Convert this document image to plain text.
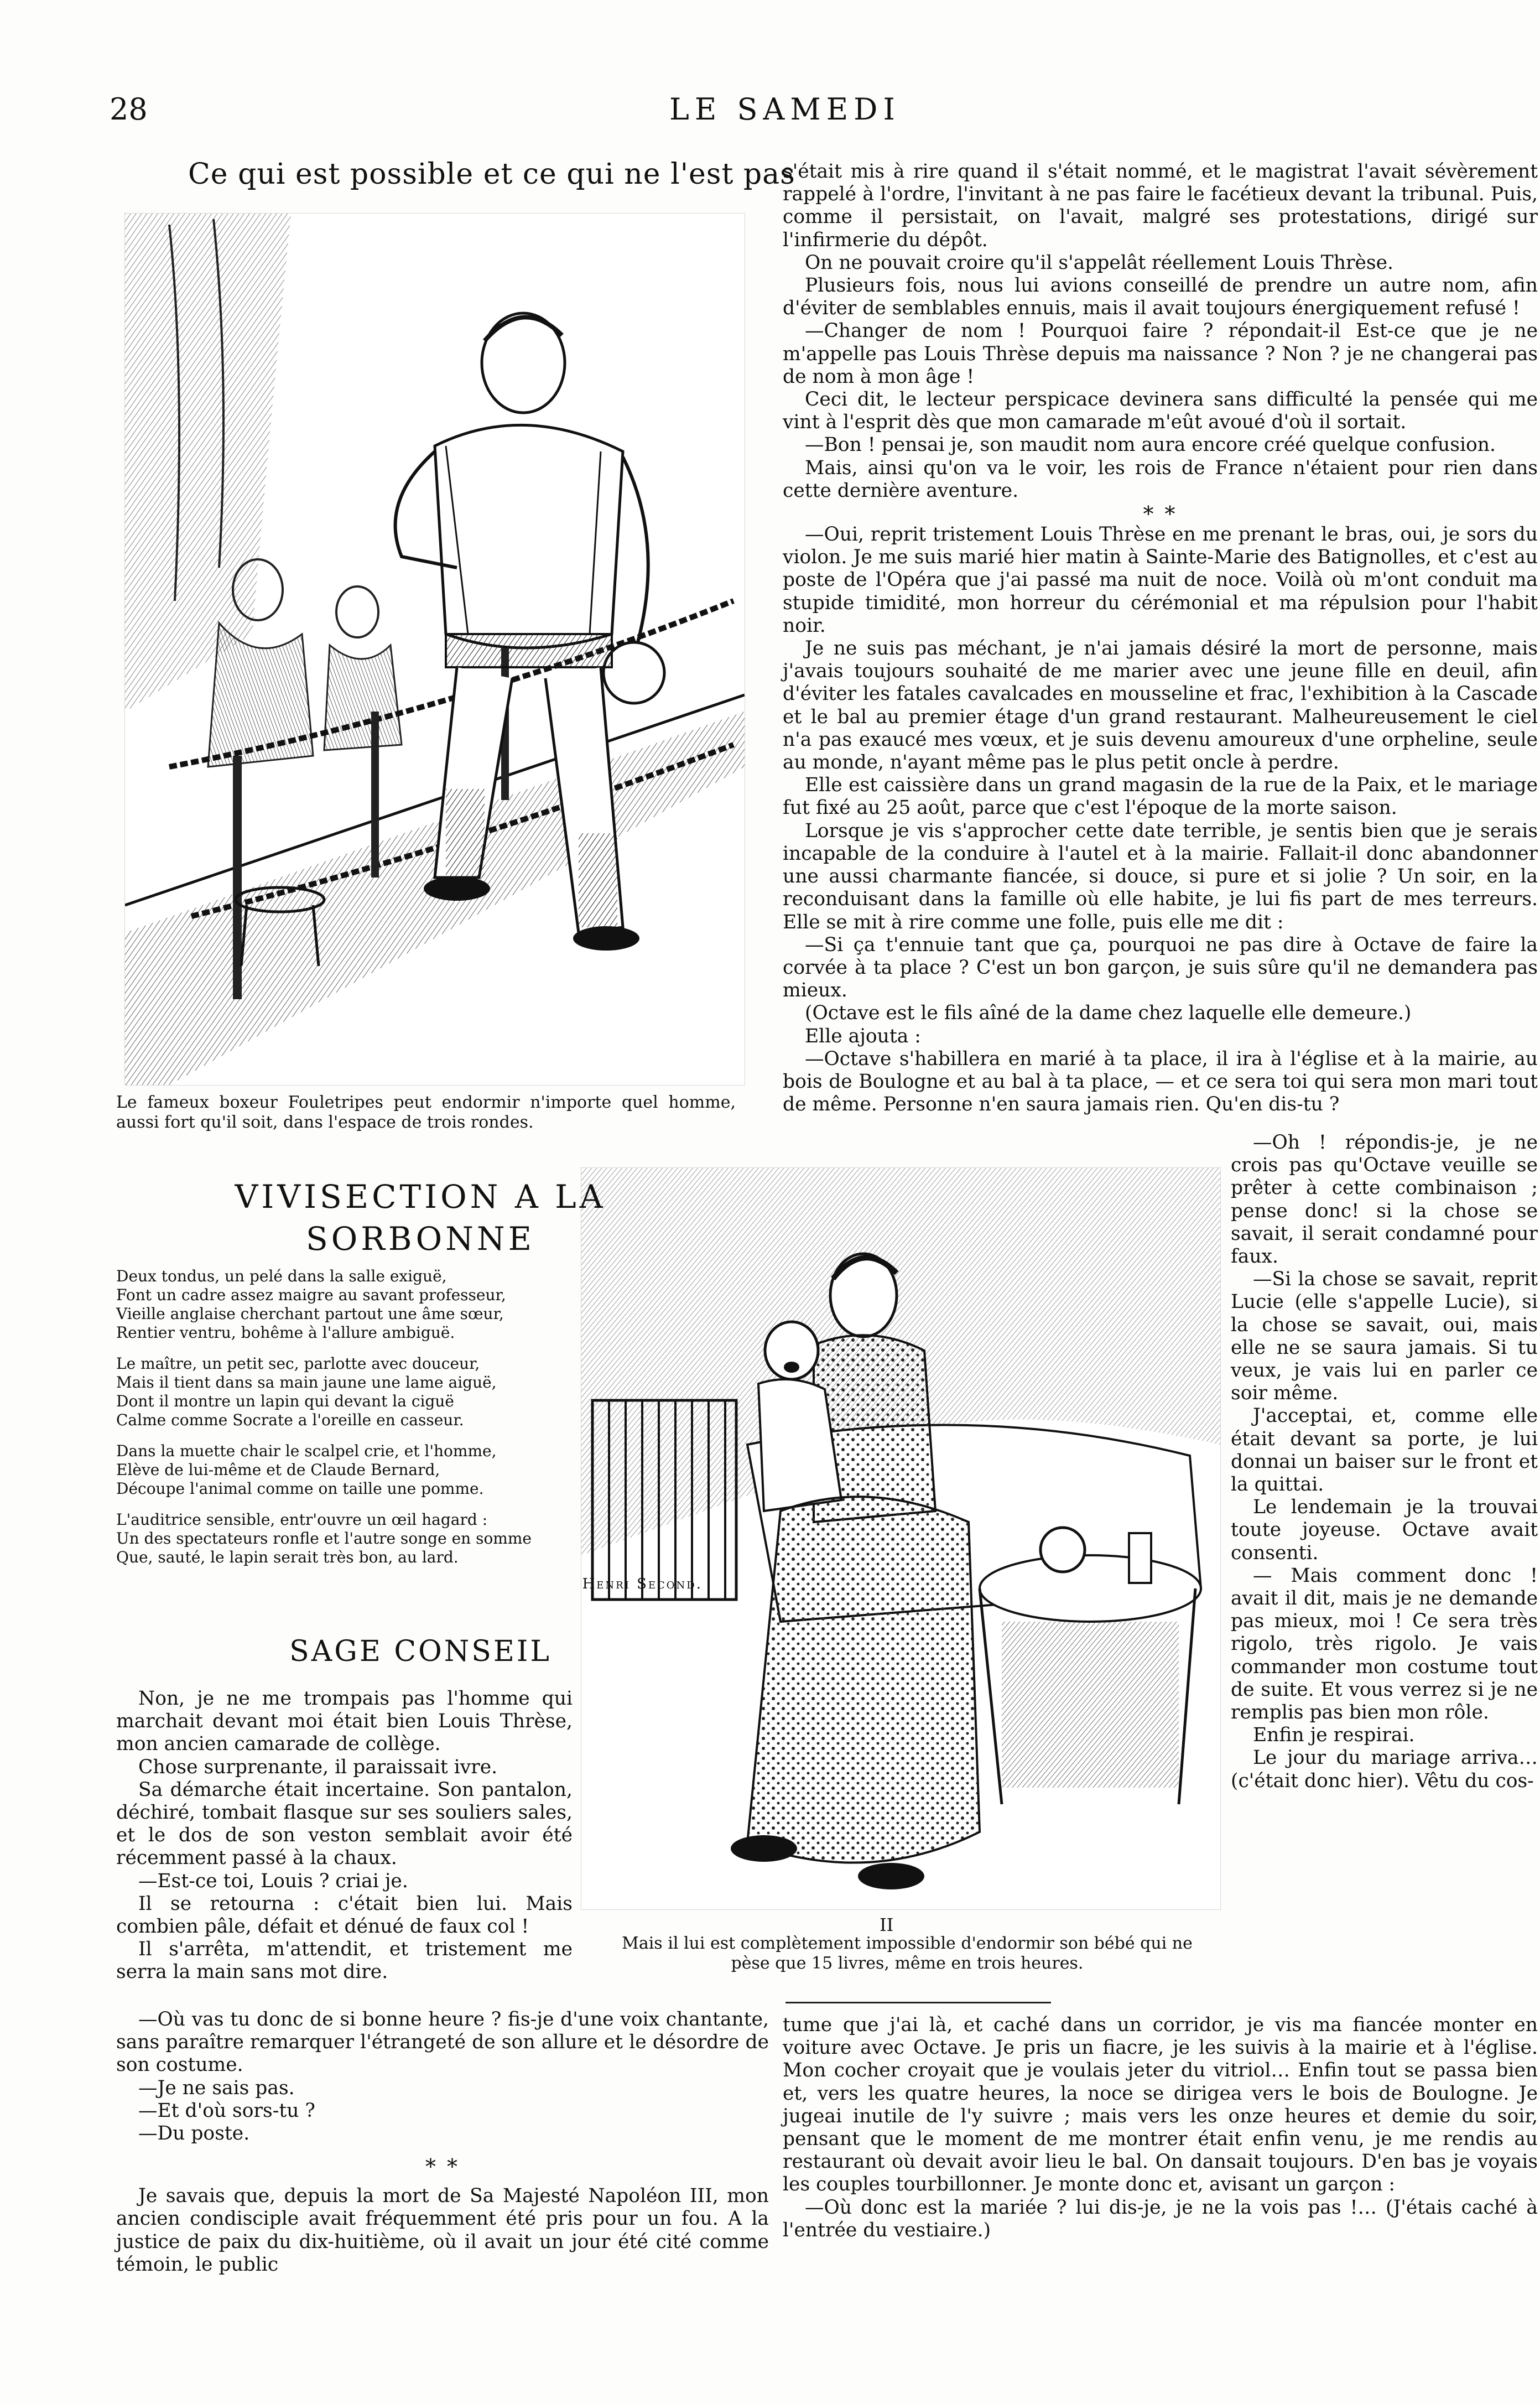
28	LE SAMEDI
Ce qui est possible et ce qui ne l'est pas
Le fameux boxeur Fouletripes peut endormir n'importe quel homme, aussi fort qu'il soit, dans l'espace de trois rondes.

s'était mis à rire quand il s'était nommé, et le magistrat l'avait sévèrement rappelé à l'ordre, l'invitant à ne pas faire le facétieux devant la tribunal. Puis, comme il persistait, on l'avait, malgré ses protestations, dirigé sur l'infirmerie du dépôt.

On ne pouvait croire qu'il s'appelât réellement Louis Thrèse.

Plusieurs fois, nous lui avions conseillé de prendre un autre nom, afin d'éviter de semblables ennuis, mais il avait toujours énergiquement refusé !

—Changer de nom ! Pourquoi faire ? répondait-il Est-ce que je ne m'appelle pas Louis Thrèse depuis ma naissance ? Non ? je ne changerai pas de nom à mon âge !

Ceci dit, le lecteur perspicace devinera sans difficulté la pensée qui me vint à l'esprit dès que mon camarade m'eût avoué d'où il sortait.

—Bon ! pensai je, son maudit nom aura encore créé quelque confusion.

Mais, ainsi qu'on va le voir, les rois de France n'étaient pour rien dans cette dernière aventure.

* *

—Oui, reprit tristement Louis Thrèse en me prenant le bras, oui, je sors du violon. Je me suis marié hier matin à Sainte-Marie des Batignolles, et c'est au poste de l'Opéra que j'ai passé ma nuit de noce. Voilà où m'ont conduit ma stupide timidité, mon horreur du cérémonial et ma répulsion pour l'habit noir.

Je ne suis pas méchant, je n'ai jamais désiré la mort de personne, mais j'avais toujours souhaité de me marier avec une jeune fille en deuil, afin d'éviter les fatales cavalcades en mousseline et frac, l'exhibition à la Cascade et le bal au premier étage d'un grand restaurant. Malheureusement le ciel n'a pas exaucé mes vœux, et je suis devenu amoureux d'une orpheline, seule au monde, n'ayant même pas le plus petit oncle à perdre.

Elle est caissière dans un grand magasin de la rue de la Paix, et le mariage fut fixé au 25 août, parce que c'est l'époque de la morte saison.

Lorsque je vis s'approcher cette date terrible, je sentis bien que je serais incapable de la conduire à l'autel et à la mairie. Fallait-il donc abandonner une aussi charmante fiancée, si douce, si pure et si jolie ? Un soir, en la reconduisant dans la famille où elle habite, je lui fis part de mes terreurs. Elle se mit à rire comme une folle, puis elle me dit :

—Si ça t'ennuie tant que ça, pourquoi ne pas dire à Octave de faire la corvée à ta place ? C'est un bon garçon, je suis sûre qu'il ne demandera pas mieux.

(Octave est le fils aîné de la dame chez laquelle elle demeure.)

Elle ajouta :

—Octave s'habillera en marié à ta place, il ira à l'église et à la mairie, au bois de Boulogne et au bal à ta place, — et ce sera toi qui sera mon mari tout de même. Personne n'en saura jamais rien. Qu'en dis-tu ?

II
Mais il lui est complètement impossible d'endormir son bébé qui ne pèse que 15 livres, même en trois heures.

—Oh ! répondis-je, je ne crois pas qu'Octave veuille se prêter à cette combinaison ; pense donc! si la chose se savait, il serait condamné pour faux.

—Si la chose se savait, reprit Lucie (elle s'appelle Lucie), si la chose se savait, oui, mais elle ne se saura jamais. Si tu veux, je vais lui en parler ce soir même.

J'acceptai, et, comme elle était devant sa porte, je lui donnai un baiser sur le front et la quittai.

Le lendemain je la trouvai toute joyeuse. Octave avait consenti.

— Mais comment donc ! avait il dit, mais je ne demande pas mieux, moi ! Ce sera très rigolo, très rigolo. Je vais commander mon costume tout de suite. Et vous verrez si je ne remplis pas bien mon rôle.

Enfin je respirai.

Le jour du mariage arriva… (c'était donc hier). Vêtu du cos-

tume que j'ai là, et caché dans un corridor, je vis ma fiancée monter en voiture avec Octave. Je pris un fiacre, je les suivis à la mairie et à l'église. Mon cocher croyait que je voulais jeter du vitriol… Enfin tout se passa bien et, vers les quatre heures, la noce se dirigea vers le bois de Boulogne. Je jugeai inutile de l'y suivre ; mais vers les onze heures et demie du soir, pensant que le moment de me montrer était enfin venu, je me rendis au restaurant où devait avoir lieu le bal. On dansait toujours. D'en bas je voyais les couples tourbillonner. Je monte donc et, avisant un garçon :

—Où donc est la mariée ? lui dis-je, je ne la vois pas !… (J'étais caché à l'entrée du vestiaire.)

VIVISECTION A LA
SORBONNE
Deux tondus, un pelé dans la salle exiguë,
Font un cadre assez maigre au savant professeur,
Vieille anglaise cherchant partout une âme sœur,
Rentier ventru, bohême à l'allure ambiguë.
Le maître, un petit sec, parlotte avec douceur,
Mais il tient dans sa main jaune une lame aiguë,
Dont il montre un lapin qui devant la ciguë
Calme comme Socrate a l'oreille en casseur.
Dans la muette chair le scalpel crie, et l'homme,
Elève de lui-même et de Claude Bernard,
Découpe l'animal comme on taille une pomme.
L'auditrice sensible, entr'ouvre un œil hagard :
Un des spectateurs ronfle et l'autre songe en somme
Que, sauté, le lapin serait très bon, au lard.
Henri Second.
SAGE CONSEIL

Non, je ne me trompais pas l'homme qui marchait devant moi était bien Louis Thrèse, mon ancien camarade de collège.

Chose surprenante, il paraissait ivre.

Sa démarche était incertaine. Son pantalon, déchiré, tombait flasque sur ses souliers sales, et le dos de son veston semblait avoir été récemment passé à la chaux.

—Est-ce toi, Louis ? criai je.

Il se retourna : c'était bien lui. Mais combien pâle, défait et dénué de faux col !

Il s'arrêta, m'attendit, et tristement me serra la main sans mot dire.

—Où vas tu donc de si bonne heure ? fis-je d'une voix chantante, sans paraître remarquer l'étrangeté de son allure et le désordre de son costume.

—Je ne sais pas.

—Et d'où sors-tu ?

—Du poste.

* *

Je savais que, depuis la mort de Sa Majesté Napoléon III, mon ancien condisciple avait fréquemment été pris pour un fou. A la justice de paix du dix-huitième, où il avait un jour été cité comme témoin, le public
